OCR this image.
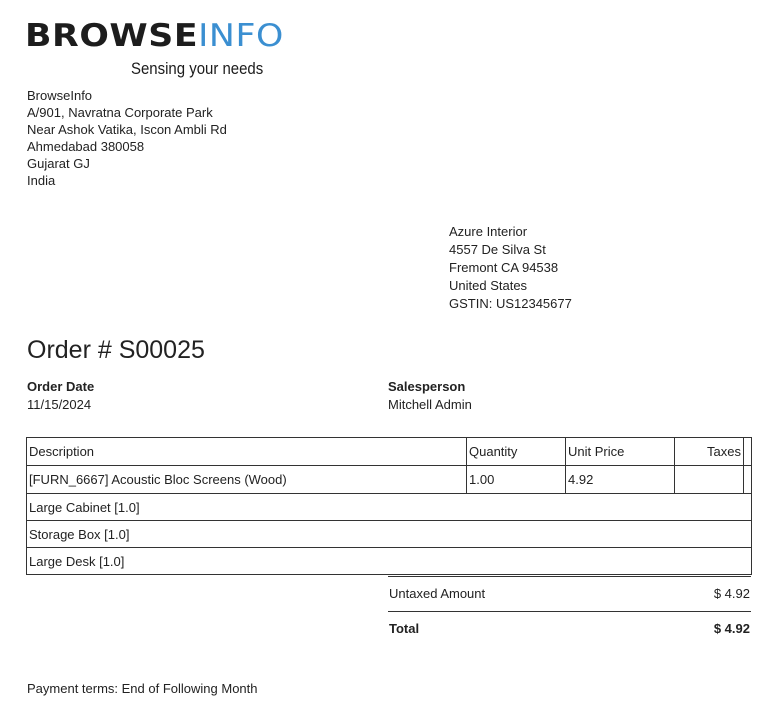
BROWSEINFO
Sensing your needs
BrowseInfo
A/901, Navratna Corporate Park
Near Ashok Vatika, Iscon Ambli Rd
Ahmedabad 380058
Gujarat GJ
India
Azure Interior
4557 De Silva St
Fremont CA 94538
United States
GSTIN: US12345677
Order # S00025
Order Date
11/15/2024
Salesperson
Mitchell Admin
Description	Quantity	Unit Price	Taxes	
[FURN_6667] Acoustic Bloc Screens (Wood)	1.00	4.92		
Large Cabinet [1.0]				
Storage Box [1.0]				
Large Desk [1.0]				
Untaxed Amount	$ 4.92
Total	$ 4.92
Payment terms: End of Following Month
